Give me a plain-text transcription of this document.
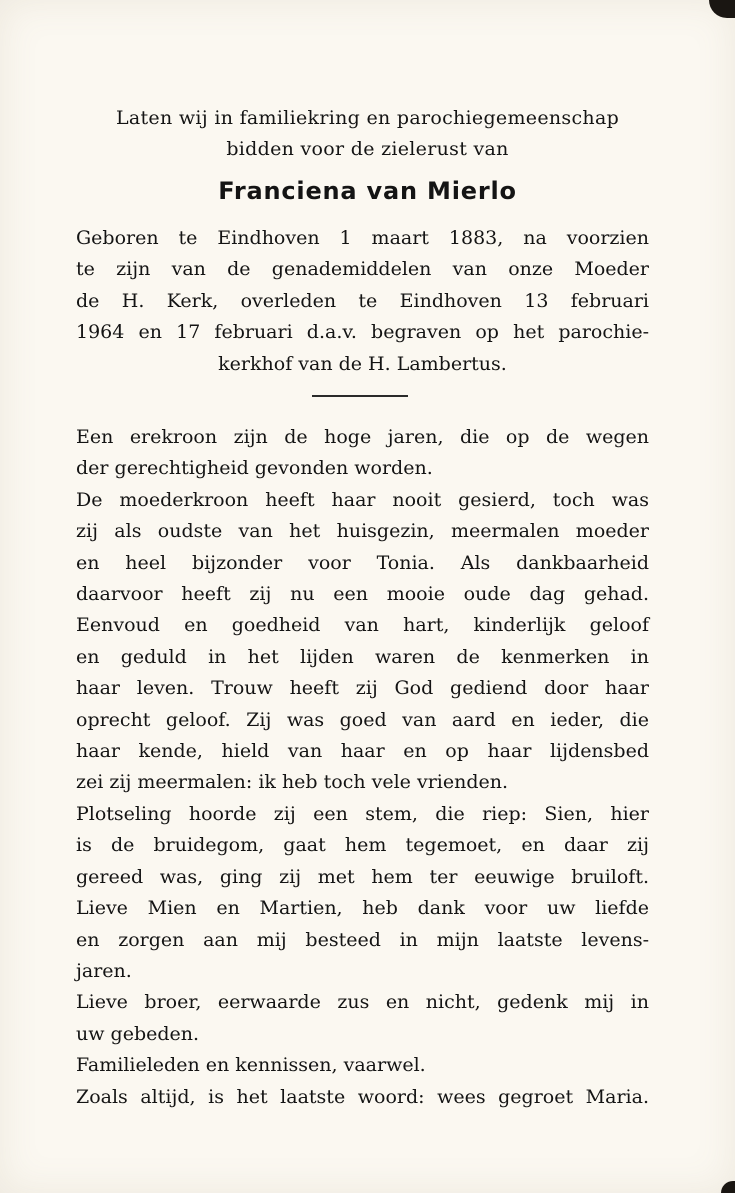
Laten wij in familiekring en parochiegemeenschap
bidden voor de zielerust van
Franciena van Mierlo
Geboren te Eindhoven 1 maart 1883, na voorzien
te zijn van de genademiddelen van onze Moeder
de H. Kerk, overleden te Eindhoven 13 februari
1964 en 17 februari d.a.v. begraven op het parochie-
kerkhof van de H. Lambertus.
Een erekroon zijn de hoge jaren, die op de wegen
der gerechtigheid gevonden worden.
De moederkroon heeft haar nooit gesierd, toch was
zij als oudste van het huisgezin, meermalen moeder
en heel bijzonder voor Tonia. Als dankbaarheid
daarvoor heeft zij nu een mooie oude dag gehad.
Eenvoud en goedheid van hart, kinderlijk geloof
en geduld in het lijden waren de kenmerken in
haar leven. Trouw heeft zij God gediend door haar
oprecht geloof. Zij was goed van aard en ieder, die
haar kende, hield van haar en op haar lijdensbed
zei zij meermalen: ik heb toch vele vrienden.
Plotseling hoorde zij een stem, die riep: Sien, hier
is de bruidegom, gaat hem tegemoet, en daar zij
gereed was, ging zij met hem ter eeuwige bruiloft.
Lieve Mien en Martien, heb dank voor uw liefde
en zorgen aan mij besteed in mijn laatste levens-
jaren.
Lieve broer, eerwaarde zus en nicht, gedenk mij in
uw gebeden.
Familieleden en kennissen, vaarwel.
Zoals altijd, is het laatste woord: wees gegroet Maria.
